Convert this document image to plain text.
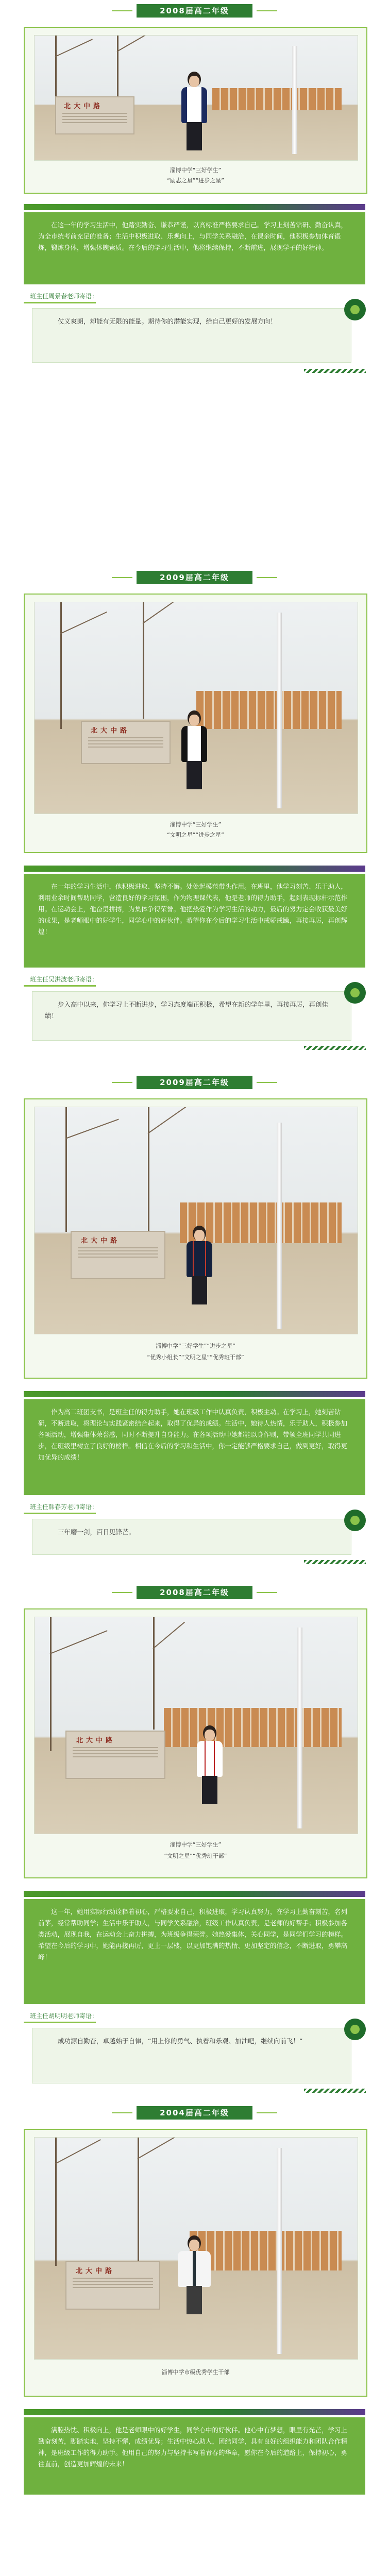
2008届高二年级
北大中路
淄博中学“三好学生”
“励志之星”“进步之星”

在这一年的学习生活中，他踏实勤奋、谦恭严谨，以高标准严格要求自己。学习上刻苦钻研、勤奋认真，为全市统考前充足的准备；生活中积极进取、乐观向上，与同学关系融洽，在课余时间，他积极参加体育锻炼，锻炼身体，增强体魄素质。在今后的学习生活中，他将继续保持，不断前进，展现学子的好精神。

班主任周景春老师寄语：

仗义爽朗，却能有无限的能量。期待你的潜能实现，给自己更好的发展方向！

2009届高二年级
北大中路
淄博中学“三好学生”
“文明之星”“进步之星”

在一年的学习生活中，他积极进取、坚持不懈。处处起模范带头作用。在班里，他学习刻苦、乐于助人，利用业余时间帮助同学，营造良好的学习氛围，作为物理课代表，他是老师的得力助手，起到表现标杆示范作用。在运动会上，他奋勇拼搏，为集体争得荣誉。他把热爱作为学习生活的动力，最后的努力定会收获最美好的成果，是老师眼中的好学生，同学心中的好伙伴。希望你在今后的学习生活中戒骄戒躁，再接再厉，再创辉煌！

班主任吴洪波老师寄语：

步入高中以来，你学习上不断进步，学习态度端正积极，希望在新的学年里，再接再厉，再创佳绩！

2009届高二年级
北大中路
淄博中学“三好学生”“进步之星”
“优秀小组长”“文明之星”“优秀班干部”

作为高二班团支书，是班主任的得力助手，她在班级工作中认真负责，积极主动。在学习上，她刻苦钻研，不断进取，将理论与实践紧密结合起来，取得了优异的成绩。生活中，她待人热情，乐于助人，积极参加各项活动，增强集体荣誉感，同时不断提升自身能力。在各项活动中她都能以身作则，带领全班同学共同进步，在班级里树立了良好的榜样。相信在今后的学习和生活中，你一定能够严格要求自己，做到更好，取得更加优异的成绩！

班主任韩春芳老师寄语：

三年磨一剑，百日见锋芒。

2008届高二年级
北大中路
淄博中学“三好学生”
“文明之星”“优秀班干部”

这一年，她用实际行动诠释着初心，严格要求自己，积极进取，学习认真努力，在学习上勤奋刻苦，名列前茅，经常帮助同学；生活中乐于助人，与同学关系融洽，班级工作认真负责，是老师的好帮手；积极参加各类活动，展现自我，在运动会上奋力拼搏，为班级争得荣誉。她热爱集体，关心同学，是同学们学习的榜样。希望在今后的学习中，她能再接再厉，更上一层楼，以更加饱满的热情、更加坚定的信念，不断进取，勇攀高峰！

班主任胡明明老师寄语：

成功源自勤奋，卓越始于自律，“用上你的勇气、执着和乐观、加油吧，继续向前飞！”

2004届高二年级
北大中路
淄博中学市级优秀学生干部

满腔热忱、积极向上，他是老师眼中的好学生，同学心中的好伙伴。他心中有梦想，眼里有光芒，学习上勤奋刻苦，脚踏实地，坚持不懈，成绩优异；生活中热心助人，团结同学，具有良好的组织能力和团队合作精神，是班级工作的得力助手。他用自己的努力与坚持书写着青春的华章，愿你在今后的道路上，保持初心，勇往直前，创造更加辉煌的未来！
